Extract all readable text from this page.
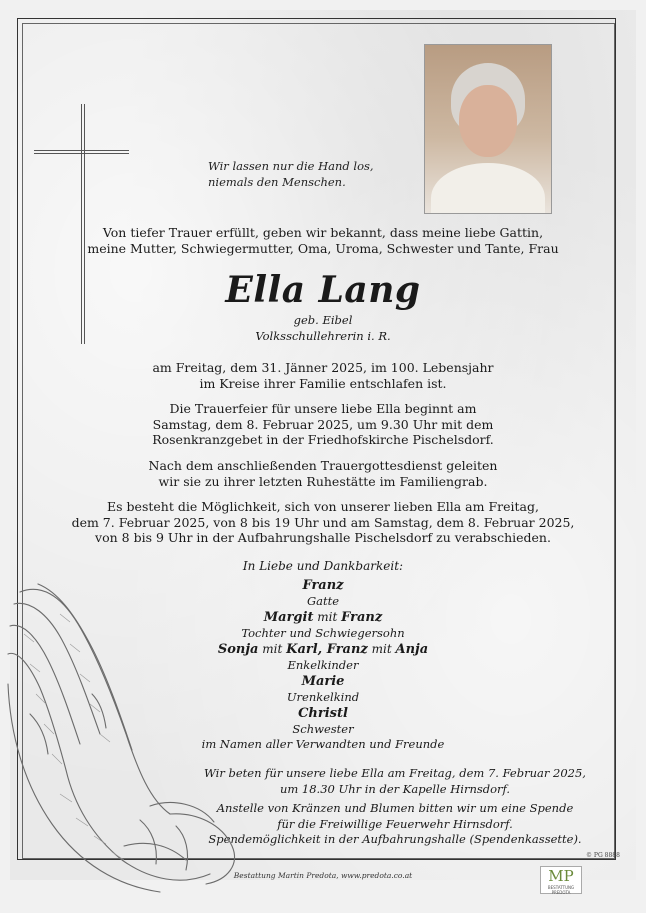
Wir lassen nur die Hand los,
niemals den Menschen.
Von tiefer Trauer erfüllt, geben wir bekannt, dass meine liebe Gattin,
meine Mutter, Schwiegermutter, Oma, Uroma, Schwester und Tante, Frau
Ella Lang
geb. Eibel
Volksschullehrerin i. R.
am Freitag, dem 31. Jänner 2025, im 100. Lebensjahr
im Kreise ihrer Familie entschlafen ist.
Die Trauerfeier für unsere liebe Ella beginnt am
Samstag, dem 8. Februar 2025, um 9.30 Uhr mit dem
Rosenkranzgebet in der Friedhofskirche Pischelsdorf.
Nach dem anschließenden Trauergottesdienst geleiten
wir sie zu ihrer letzten Ruhestätte im Familiengrab.
Es besteht die Möglichkeit, sich von unserer lieben Ella am Freitag,
dem 7. Februar 2025, von 8 bis 19 Uhr und am Samstag, dem 8. Februar 2025,
von 8 bis 9 Uhr in der Aufbahrungshalle Pischelsdorf zu verabschieden.
In Liebe und Dankbarkeit:
Franz
Gatte
Margit mit Franz
Tochter und Schwiegersohn
Sonja mit Karl, Franz mit Anja
Enkelkinder
Marie
Urenkelkind
Christl
Schwester
im Namen aller Verwandten und Freunde
Wir beten für unsere liebe Ella am Freitag, dem 7. Februar 2025,
um 18.30 Uhr in der Kapelle Hirnsdorf.
Anstelle von Kränzen und Blumen bitten wir um eine Spende
für die Freiwillige Feuerwehr Hirnsdorf.
Spendemöglichkeit in der Aufbahrungshalle (Spendenkassette).
© PG 8888
Bestattung Martin Predota, www.predota.co.at	MP
BESTATTUNG PREDOTA
